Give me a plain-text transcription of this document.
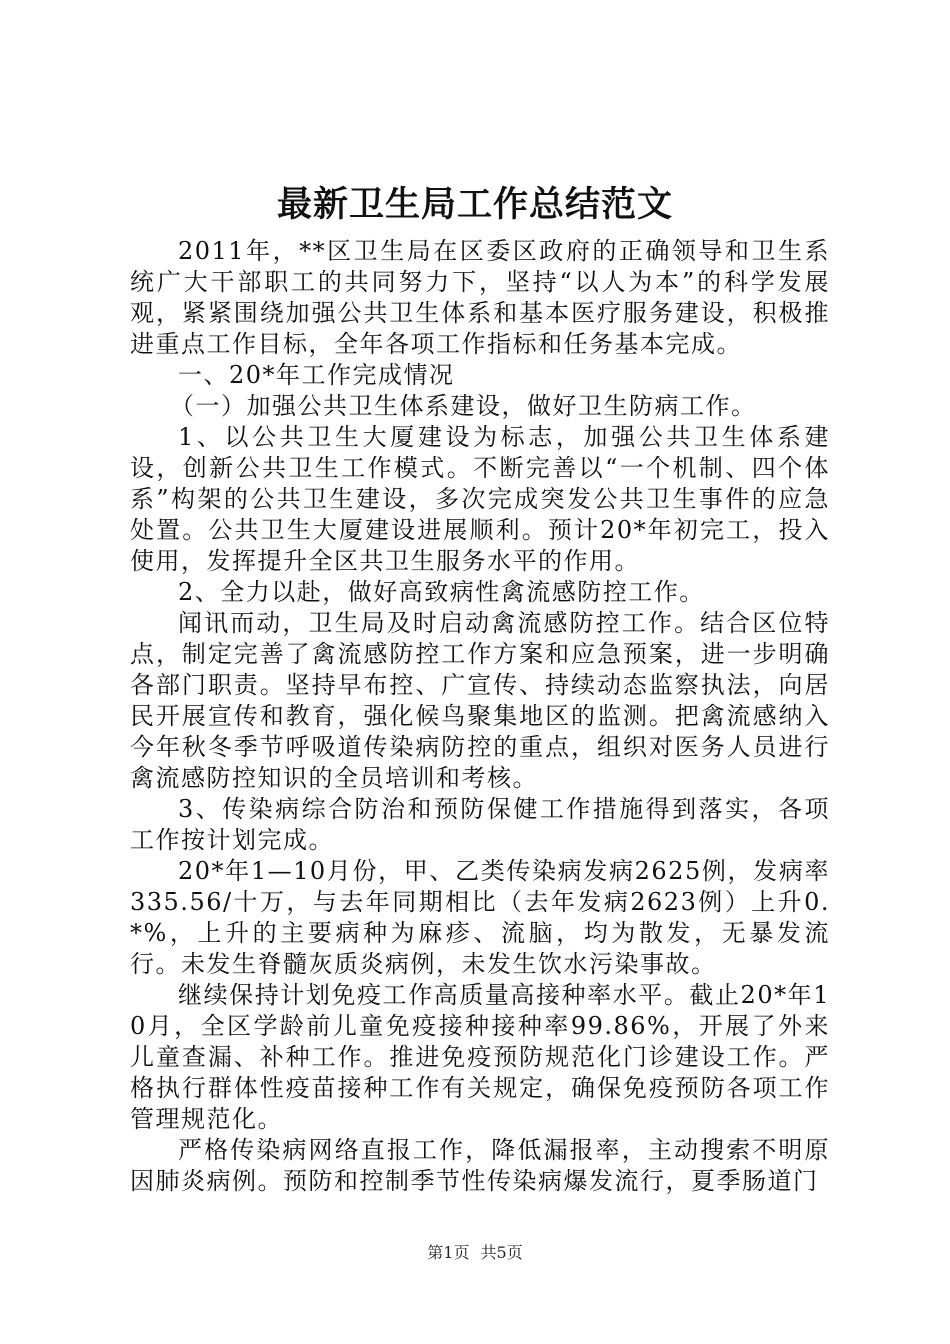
最新卫生局工作总结范文

2011年，**区卫生局在区委区政府的正确领导和卫生系统广大干部职工的共同努力下，坚持“以人为本”的科学发展观，紧紧围绕加强公共卫生体系和基本医疗服务建设，积极推进重点工作目标，全年各项工作指标和任务基本完成。

一、20*年工作完成情况

（一）加强公共卫生体系建设，做好卫生防病工作。

1、以公共卫生大厦建设为标志，加强公共卫生体系建设，创新公共卫生工作模式。不断完善以“一个机制、四个体系”构架的公共卫生建设，多次完成突发公共卫生事件的应急处置。公共卫生大厦建设进展顺利。预计20*年初完工，投入使用，发挥提升全区共卫生服务水平的作用。

2、全力以赴，做好高致病性禽流感防控工作。

闻讯而动，卫生局及时启动禽流感防控工作。结合区位特点，制定完善了禽流感防控工作方案和应急预案，进一步明确各部门职责。坚持早布控、广宣传、持续动态监察执法，向居民开展宣传和教育，强化候鸟聚集地区的监测。把禽流感纳入今年秋冬季节呼吸道传染病防控的重点，组织对医务人员进行禽流感防控知识的全员培训和考核。

3、传染病综合防治和预防保健工作措施得到落实，各项工作按计划完成。

20*年1—10月份，甲、乙类传染病发病2625例，发病率335.56/十万，与去年同期相比（去年发病2623例）上升0.*%，上升的主要病种为麻疹、流脑，均为散发，无暴发流行。未发生脊髓灰质炎病例，未发生饮水污染事故。

继续保持计划免疫工作高质量高接种率水平。截止20*年10月，全区学龄前儿童免疫接种接种率99.86%，开展了外来儿童查漏、补种工作。推进免疫预防规范化门诊建设工作。严格执行群体性疫苗接种工作有关规定，确保免疫预防各项工作管理规范化。

严格传染病网络直报工作，降低漏报率，主动搜索不明原因肺炎病例。预防和控制季节性传染病爆发流行，夏季肠道门

第1页 共5页
